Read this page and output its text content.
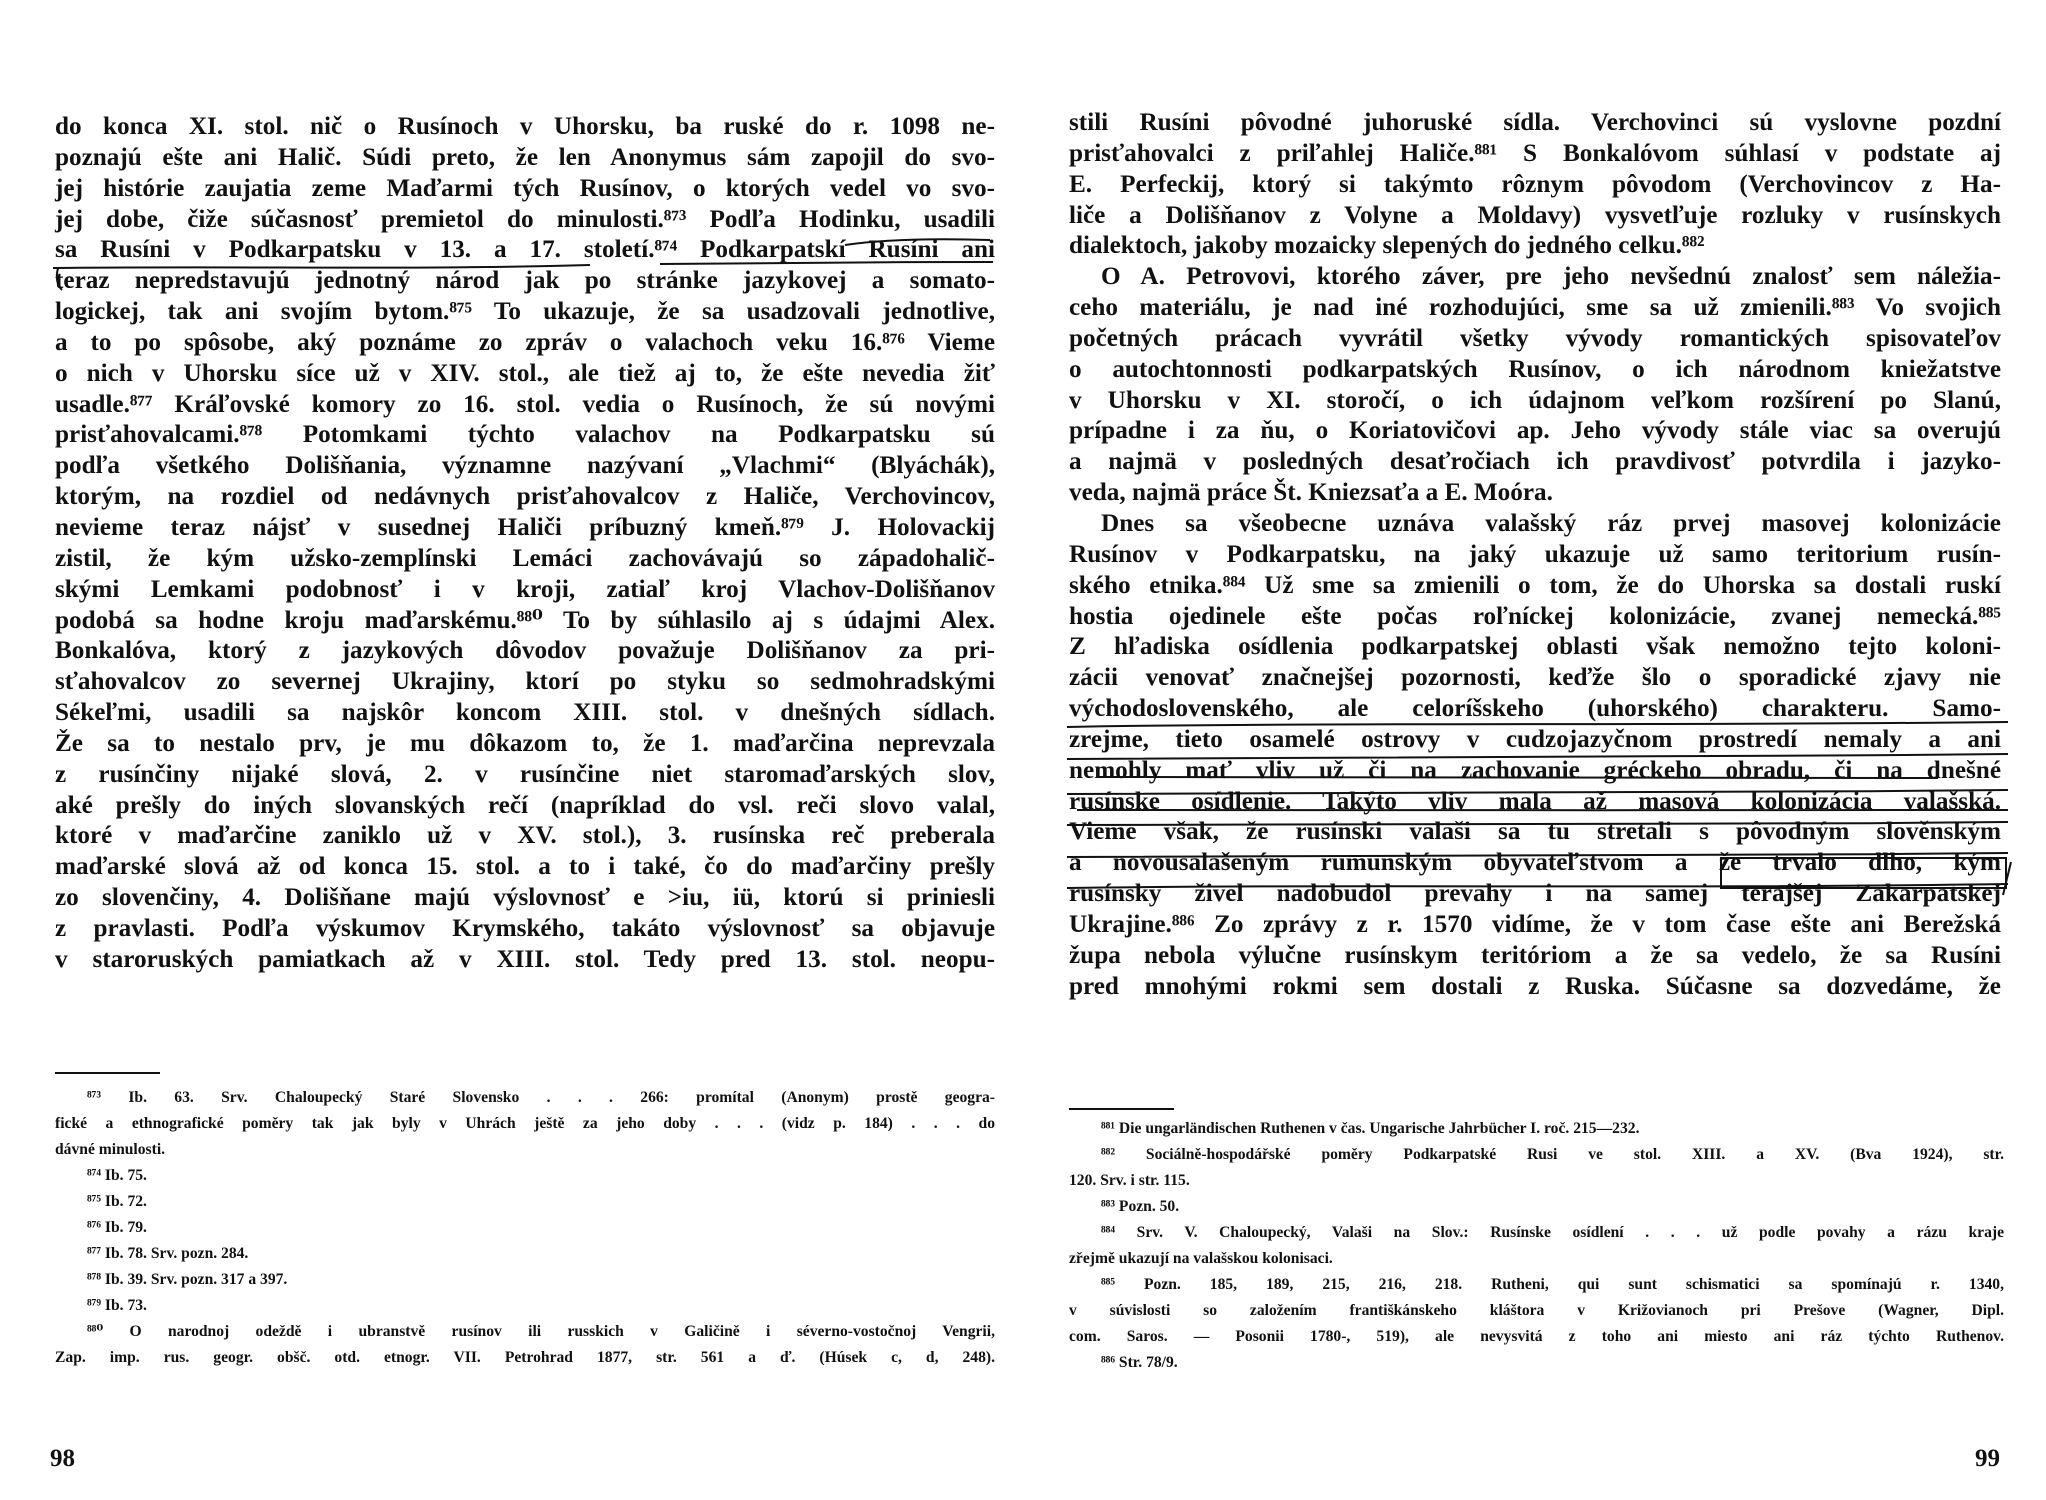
do konca XI. stol. nič o Rusínoch v Uhorsku, ba ruské do r. 1098 ne-
poznajú ešte ani Halič. Súdi preto, že len Anonymus sám zapojil do svo-
jej histórie zaujatia zeme Maďarmi tých Rusínov, o ktorých vedel vo svo-
jej dobe, čiže súčasnosť premietol do minulosti.⁸⁷³ Podľa Hodinku, usadili
sa Rusíni v Podkarpatsku v 13. a 17. století.⁸⁷⁴ Podkarpatskí Rusíni ani
teraz nepredstavujú jednotný národ jak po stránke jazykovej a somato-
logickej, tak ani svojím bytom.⁸⁷⁵ To ukazuje, že sa usadzovali jednotlive,
a to po spôsobe, aký poznáme zo zpráv o valachoch veku 16.⁸⁷⁶ Vieme
o nich v Uhorsku síce už v XIV. stol., ale tiež aj to, že ešte nevedia žiť
usadle.⁸⁷⁷ Kráľovské komory zo 16. stol. vedia o Rusínoch, že sú novými
prisťahovalcami.⁸⁷⁸ Potomkami týchto valachov na Podkarpatsku sú
podľa všetkého Dolišňania, významne nazývaní „Vlachmi“ (Blyáchák),
ktorým, na rozdiel od nedávnych prisťahovalcov z Haliče, Verchovincov,
nevieme teraz nájsť v susednej Haliči príbuzný kmeň.⁸⁷⁹ J. Holovackij
zistil, že kým užsko-zemplínski Lemáci zachovávajú so západohalič-
skými Lemkami podobnosť i v kroji, zatiaľ kroj Vlachov-Dolišňanov
podobá sa hodne kroju maďarskému.⁸⁸⁰ To by súhlasilo aj s údajmi Alex.
Bonkalóva, ktorý z jazykových dôvodov považuje Dolišňanov za pri-
sťahovalcov zo severnej Ukrajiny, ktorí po styku so sedmohradskými
Sékeľmi, usadili sa najskôr koncom XIII. stol. v dnešných sídlach.
Že sa to nestalo prv, je mu dôkazom to, že 1. maďarčina neprevzala
z rusínčiny nijaké slová, 2. v rusínčine niet staromaďarských slov,
aké prešly do iných slovanských rečí (napríklad do vsl. reči slovo valal,
ktoré v maďarčine zaniklo už v XV. stol.), 3. rusínska reč preberala
maďarské slová až od konca 15. stol. a to i také, čo do maďarčiny prešly
zo slovenčiny, 4. Dolišňane majú výslovnosť e >iu, iü, ktorú si priniesli
z pravlasti. Podľa výskumov Krymského, takáto výslovnosť sa objavuje
v staroruských pamiatkach až v XIII. stol. Tedy pred 13. stol. neopu-
⁸⁷³ Ib. 63. Srv. Chaloupecký Staré Slovensko . . . 266: promítal (Anonym) prostě geogra-
fické a ethnografické poměry tak jak byly v Uhrách ještě za jeho doby . . . (vidz p. 184) . . . do
dávné minulosti.
⁸⁷⁴ Ib. 75.
⁸⁷⁵ Ib. 72.
⁸⁷⁶ Ib. 79.
⁸⁷⁷ Ib. 78. Srv. pozn. 284.
⁸⁷⁸ Ib. 39. Srv. pozn. 317 a 397.
⁸⁷⁹ Ib. 73.
⁸⁸⁰ O narodnoj odeždě i ubranstvě rusínov ili russkich v Galičině i séverno-vostočnoj Vengrii,
Zap. imp. rus. geogr. obšč. otd. etnogr. VII. Petrohrad 1877, str. 561 a ď. (Húsek c, d, 248).
98
stili Rusíni pôvodné juhoruské sídla. Verchovinci sú vyslovne pozdní
prisťahovalci z priľahlej Haliče.⁸⁸¹ S Bonkalóvom súhlasí v podstate aj
E. Perfeckij, ktorý si takýmto rôznym pôvodom (Verchovincov z Ha-
liče a Dolišňanov z Volyne a Moldavy) vysvetľuje rozluky v rusínskych
dialektoch, jakoby mozaicky slepených do jedného celku.⁸⁸²
O A. Petrovovi, ktorého záver, pre jeho nevšednú znalosť sem náležia-
ceho materiálu, je nad iné rozhodujúci, sme sa už zmienili.⁸⁸³ Vo svojich
početných prácach vyvrátil všetky vývody romantických spisovateľov
o autochtonnosti podkarpatských Rusínov, o ich národnom kniežatstve
v Uhorsku v XI. storočí, o ich údajnom veľkom rozšírení po Slanú,
prípadne i za ňu, o Koriatovičovi ap. Jeho vývody stále viac sa overujú
a najmä v posledných desaťročiach ich pravdivosť potvrdila i jazyko-
veda, najmä práce Št. Kniezsaťa a E. Moóra.
Dnes sa všeobecne uznáva valašský ráz prvej masovej kolonizácie
Rusínov v Podkarpatsku, na jaký ukazuje už samo teritorium rusín-
ského etnika.⁸⁸⁴ Už sme sa zmienili o tom, že do Uhorska sa dostali ruskí
hostia ojedinele ešte počas roľníckej kolonizácie, zvanej nemecká.⁸⁸⁵
Z hľadiska osídlenia podkarpatskej oblasti však nemožno tejto koloni-
zácii venovať značnejšej pozornosti, keďže šlo o sporadické zjavy nie
východoslovenského, ale celoríšskeho (uhorského) charakteru. Samo-
zrejme, tieto osamelé ostrovy v cudzojazyčnom prostredí nemaly a ani
nemohly mať vliv už či na zachovanie gréckeho obradu, či na dnešné
rusínske osídlenie. Takýto vliv mala až masová kolonizácia valašská.
Vieme však, že rusínski valaši sa tu stretali s pôvodným slověnským
a novousalašeným rumunským obyvateľstvom a že trvalo dlho, kým
rusínsky živel nadobudol prevahy i na samej terajšej Zakarpatskej
Ukrajine.⁸⁸⁶ Zo zprávy z r. 1570 vidíme, že v tom čase ešte ani Berežská
župa nebola výlučne rusínskym teritóriom a že sa vedelo, že sa Rusíni
pred mnohými rokmi sem dostali z Ruska. Súčasne sa dozvedáme, že
⁸⁸¹ Die ungarländischen Ruthenen v čas. Ungarische Jahrbücher I. roč. 215—232.
⁸⁸² Sociálně-hospodářské poměry Podkarpatské Rusi ve stol. XIII. a XV. (Bva 1924), str.
120. Srv. i str. 115.
⁸⁸³ Pozn. 50.
⁸⁸⁴ Srv. V. Chaloupecký, Valaši na Slov.: Rusínske osídlení . . . už podle povahy a rázu kraje
zřejmě ukazují na valašskou kolonisaci.
⁸⁸⁵ Pozn. 185, 189, 215, 216, 218. Rutheni, qui sunt schismatici sa spomínajú r. 1340,
v súvislosti so založením františkánskeho kláštora v Križovianoch pri Prešove (Wagner, Dipl.
com. Saros. — Posonii 1780-, 519), ale nevysvitá z toho ani miesto ani ráz týchto Ruthenov.
⁸⁸⁶ Str. 78/9.
99
